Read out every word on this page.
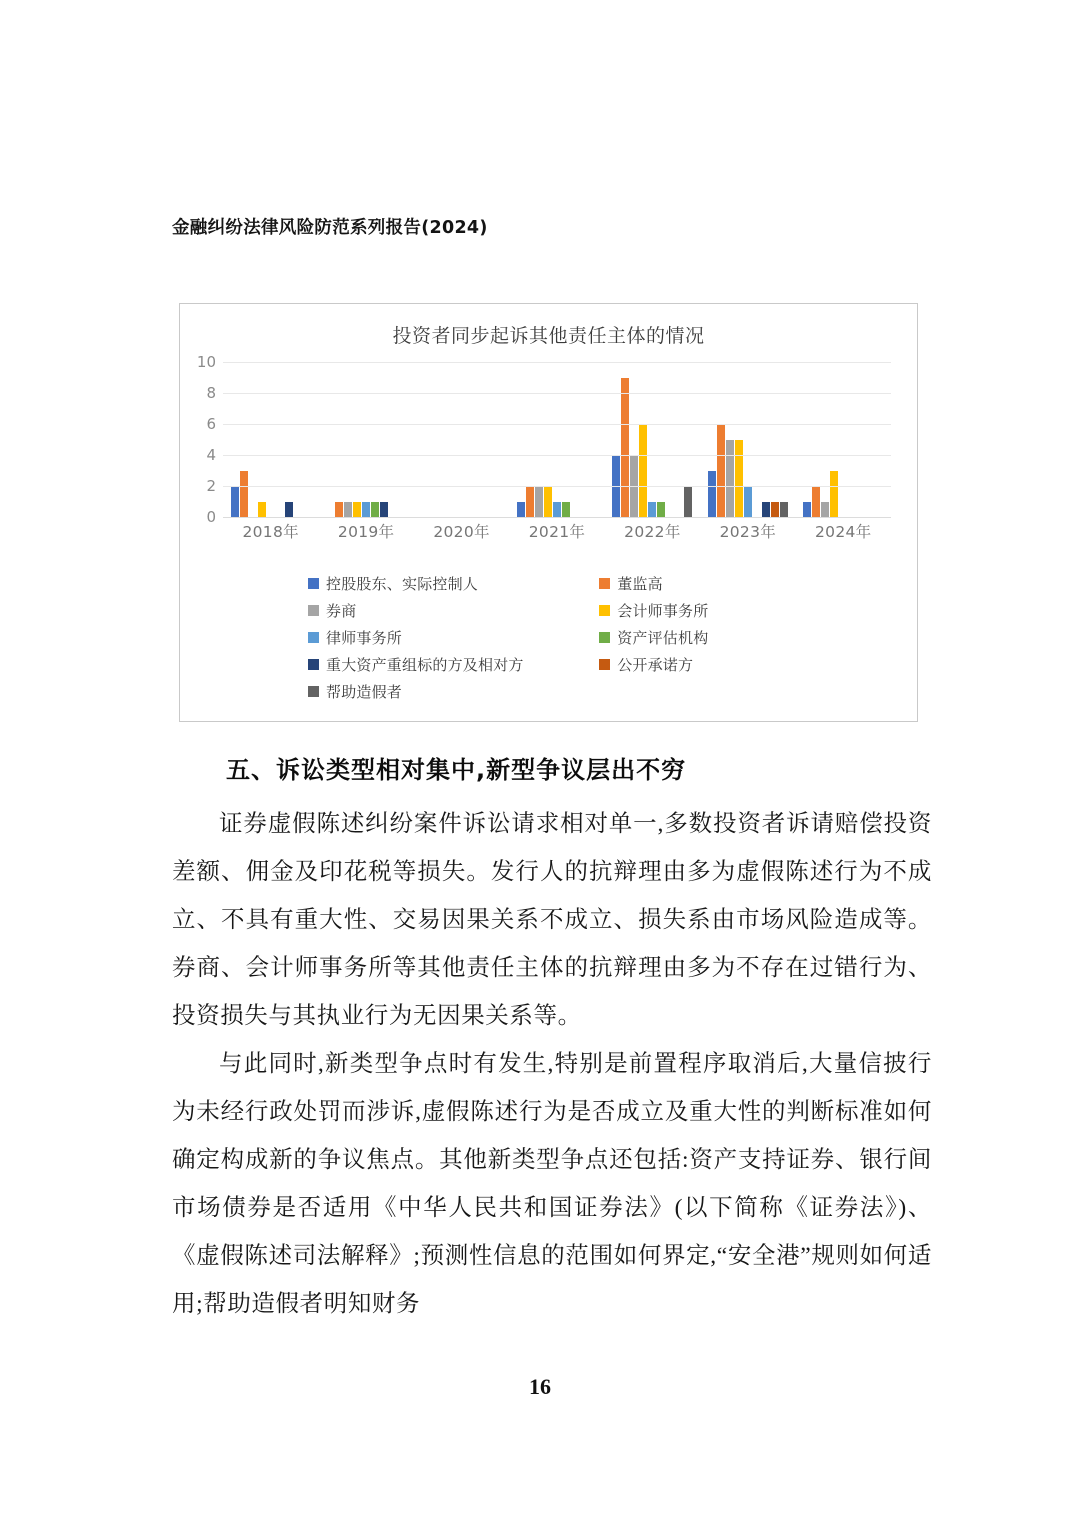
金融纠纷法律风险防范系列报告(2024)
投资者同步起诉其他责任主体的情况
10
8
6
4
2
0
2018年	2019年	2020年	2021年	2022年	2023年	2024年
控股股东、实际控制人	董监高
券商	会计师事务所
律师事务所	资产评估机构
重大资产重组标的方及相对方	公开承诺方
帮助造假者
五、诉讼类型相对集中,新型争议层出不穷

证券虚假陈述纠纷案件诉讼请求相对单一,多数投资者诉请赔偿投资差额、佣金及印花税等损失。发行人的抗辩理由多为虚假陈述行为不成立、不具有重大性、交易因果关系不成立、损失系由市场风险造成等。券商、会计师事务所等其他责任主体的抗辩理由多为不存在过错行为、投资损失与其执业行为无因果关系等。

与此同时,新类型争点时有发生,特别是前置程序取消后,大量信披行为未经行政处罚而涉诉,虚假陈述行为是否成立及重大性的判断标准如何确定构成新的争议焦点。其他新类型争点还包括:资产支持证券、银行间市场债券是否适用《中华人民共和国证券法》(以下简称《证券法》)、《虚假陈述司法解释》;预测性信息的范围如何界定,“安全港”规则如何适用;帮助造假者明知财务

16
